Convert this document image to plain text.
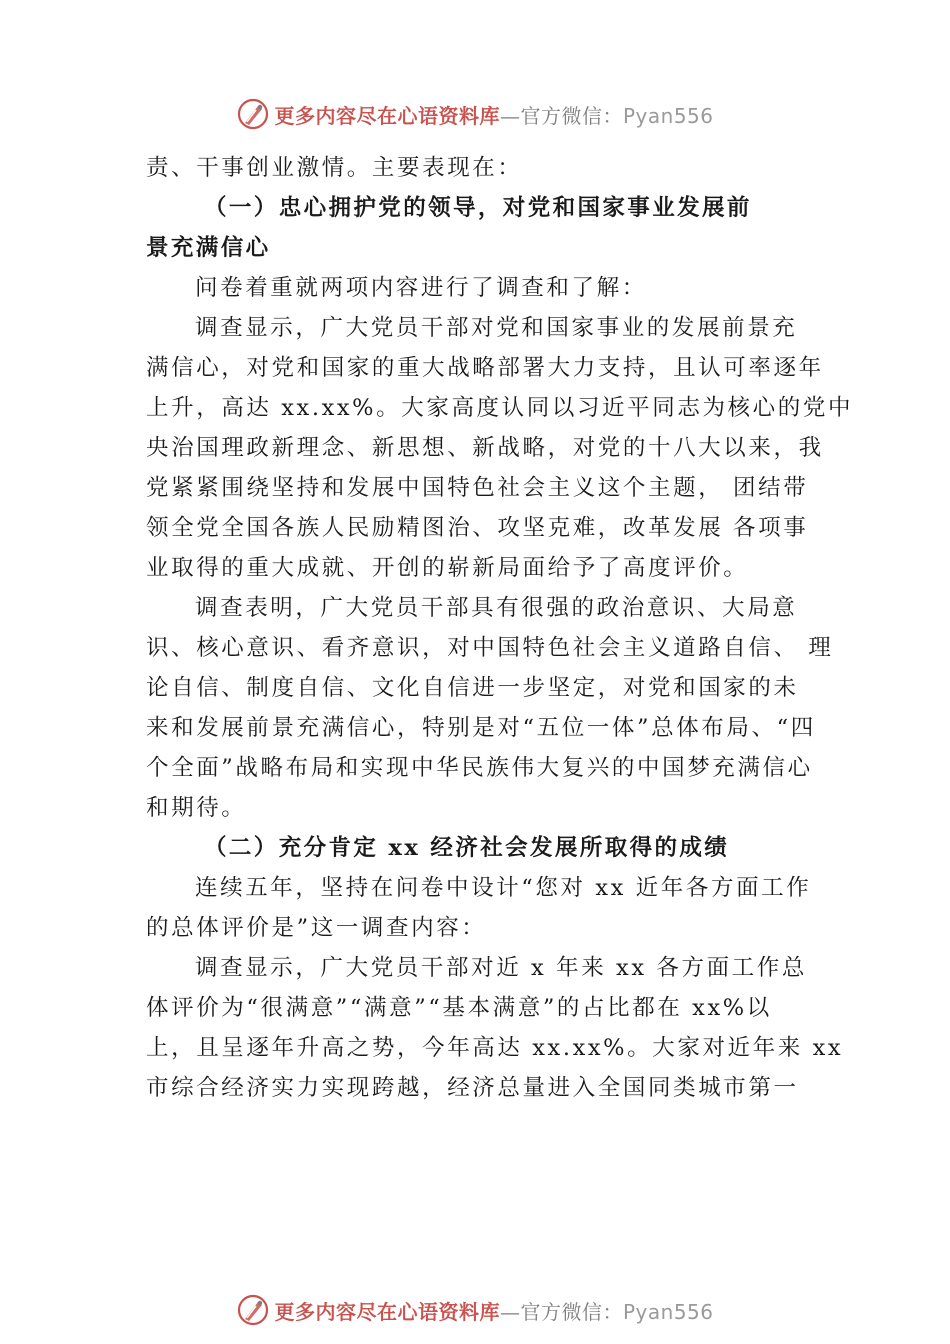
更多内容尽在心语资料库—官方微信：Pyan556
责、干事创业激情。主要表现在：
（一）忠心拥护党的领导，对党和国家事业发展前
景充满信心
问卷着重就两项内容进行了调查和了解：
调查显示，广大党员干部对党和国家事业的发展前景充
满信心，对党和国家的重大战略部署大力支持，且认可率逐年
上升，高达 xx.xx%。大家高度认同以习近平同志为核心的党中
央治国理政新理念、新思想、新战略，对党的十八大以来，我
党紧紧围绕坚持和发展中国特色社会主义这个主题， 团结带
领全党全国各族人民励精图治、攻坚克难，改革发展 各项事
业取得的重大成就、开创的崭新局面给予了高度评价。
调查表明，广大党员干部具有很强的政治意识、大局意
识、核心意识、看齐意识，对中国特色社会主义道路自信、 理
论自信、制度自信、文化自信进一步坚定，对党和国家的未
来和发展前景充满信心，特别是对“五位一体”总体布局、“四
个全面”战略布局和实现中华民族伟大复兴的中国梦充满信心
和期待。
（二）充分肯定 xx 经济社会发展所取得的成绩
连续五年，坚持在问卷中设计“您对 xx 近年各方面工作
的总体评价是”这一调查内容：
调查显示，广大党员干部对近 x 年来 xx 各方面工作总
体评价为“很满意”“满意”“基本满意”的占比都在 xx%以
上，且呈逐年升高之势，今年高达 xx.xx%。大家对近年来 xx
市综合经济实力实现跨越，经济总量进入全国同类城市第一
更多内容尽在心语资料库—官方微信：Pyan556
